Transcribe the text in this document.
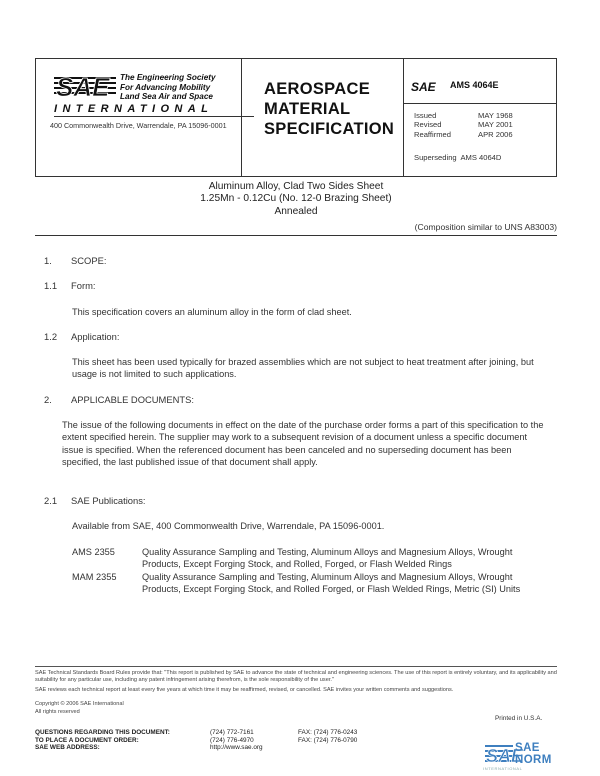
SAE The Engineering Society
For Advancing Mobility
Land Sea Air and Space
INTERNATIONAL
400 Commonwealth Drive, Warrendale, PA 15096-0001
AEROSPACE
MATERIAL
SPECIFICATION
SAE AMS 4064E
Issued	MAY 1968
Revised	MAY 2001
Reaffirmed	APR 2006
Superseding  AMS 4064D
Aluminum Alloy, Clad Two Sides Sheet
1.25Mn - 0.12Cu (No. 12-0 Brazing Sheet)
Annealed
(Composition similar to UNS A83003)
1. SCOPE:
1.1 Form:
This specification covers an aluminum alloy in the form of clad sheet.
1.2 Application:
This sheet has been used typically for brazed assemblies which are not subject to heat treatment after joining, but usage is not limited to such applications.
2. APPLICABLE DOCUMENTS:
The issue of the following documents in effect on the date of the purchase order forms a part of this specification to the extent specified herein. The supplier may work to a subsequent revision of a document unless a specific document issue is specified. When the referenced document has been canceled and no superseding document has been specified, the last published issue of that document shall apply.
2.1 SAE Publications:
Available from SAE, 400 Commonwealth Drive, Warrendale, PA 15096-0001.
AMS 2355	Quality Assurance Sampling and Testing, Aluminum Alloys and Magnesium Alloys, Wrought Products, Except Forging Stock, and Rolled, Forged, or Flash Welded Rings
MAM 2355	Quality Assurance Sampling and Testing, Aluminum Alloys and Magnesium Alloys, Wrought Products, Except Forging Stock, and Rolled Forged, or Flash Welded Rings, Metric (SI) Units
SAE Technical Standards Board Rules provide that: "This report is published by SAE to advance the state of technical and engineering sciences. The use of this report is entirely voluntary, and its applicability and suitability for any particular use, including any patent infringement arising therefrom, is the sole responsibility of the user."
SAE reviews each technical report at least every five years at which time it may be reaffirmed, revised, or cancelled. SAE invites your written comments and suggestions.
Copyright © 2006 SAE International
All rights reserved
Printed in U.S.A.
QUESTIONS REGARDING THIS DOCUMENT:	(724) 772-7161	FAX: (724) 776-0243
TO PLACE A DOCUMENT ORDER:	(724) 776-4970	FAX: (724) 776-0790
SAE WEB ADDRESS:	http://www.sae.org	SAE
SAE NORM
INTERNATIONAL
